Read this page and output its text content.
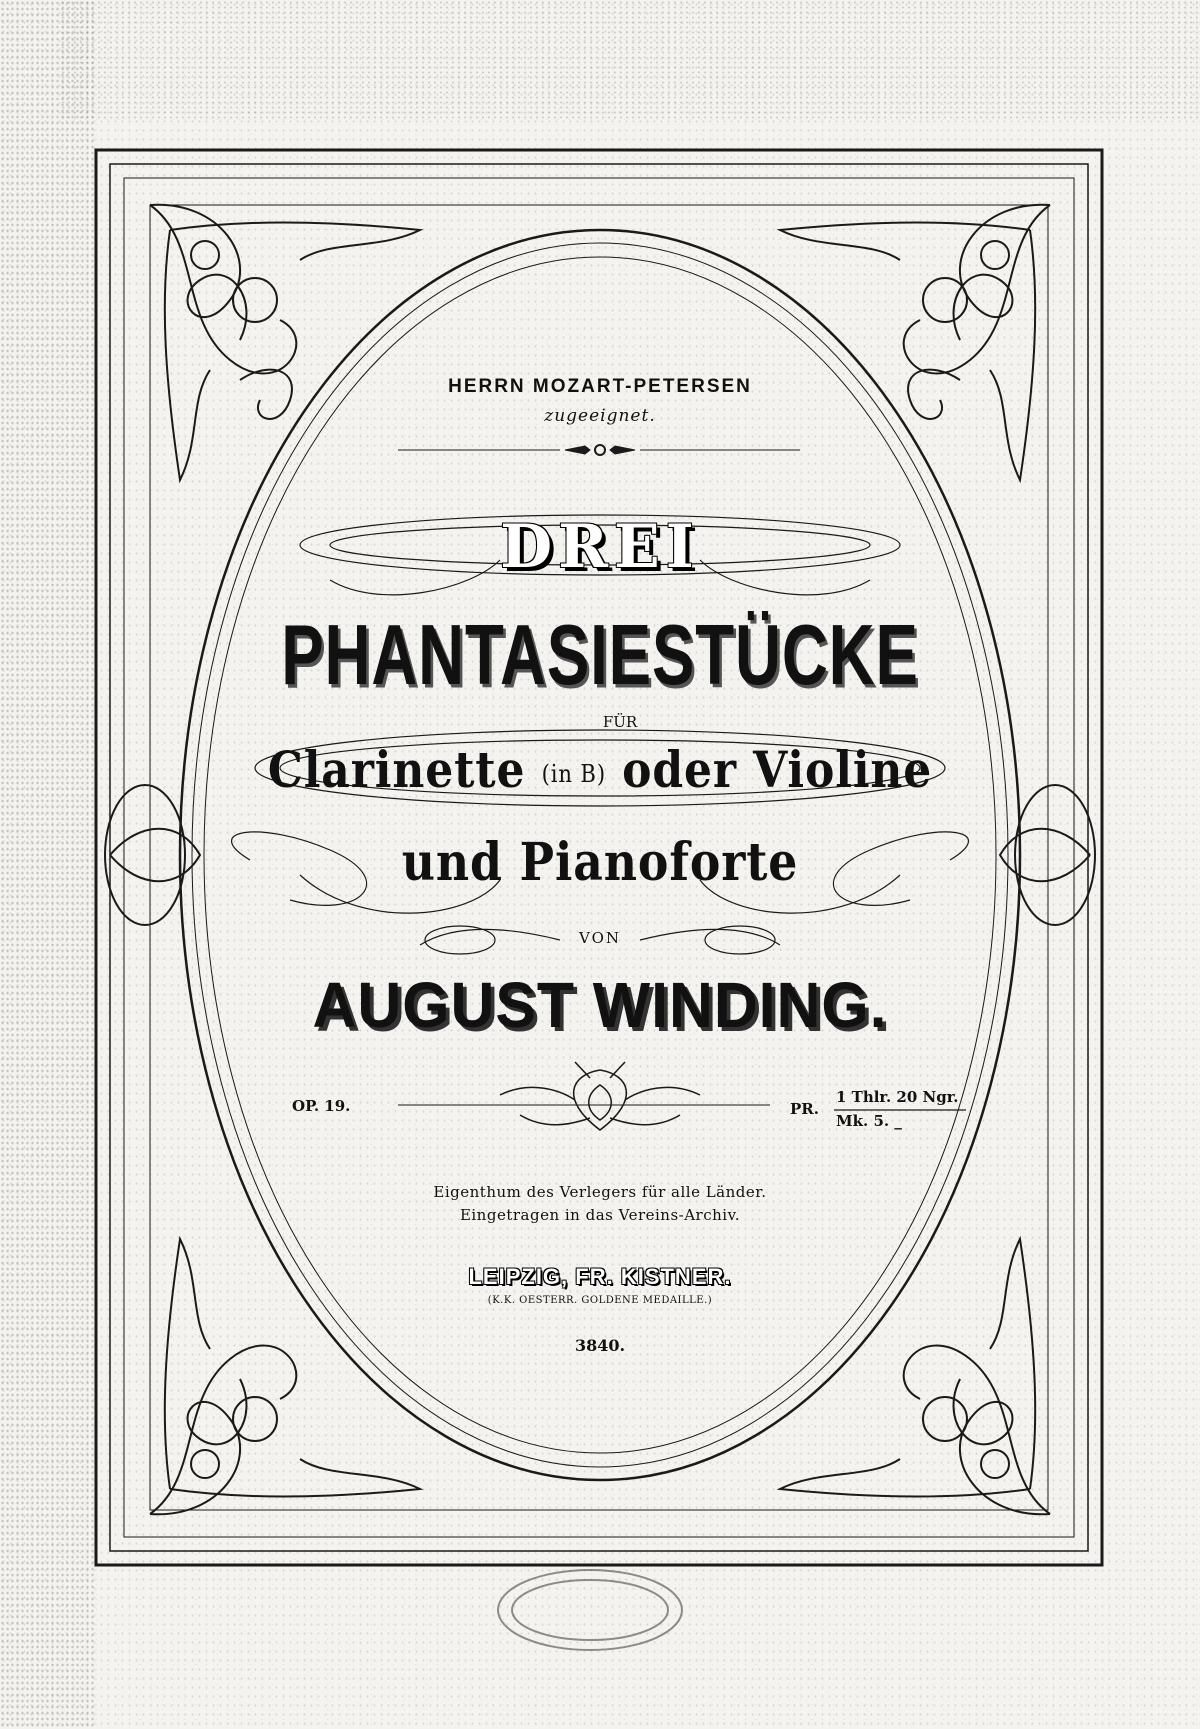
HERRN MOZART-PETERSEN
zugeeignet.
DREI
PHANTASIESTÜCKE
FÜR
Clarinette (in B) oder Violine
und Pianoforte
VON
AUGUST WINDING.
OP. 19.	PR.
1 Thlr. 20 Ngr.
Mk. 5. _
Eigenthum des Verlegers für alle Länder.
Eingetragen in das Vereins-Archiv.
LEIPZIG, FR. KISTNER.
(K.K. OESTERR. GOLDENE MEDAILLE.)
3840.
